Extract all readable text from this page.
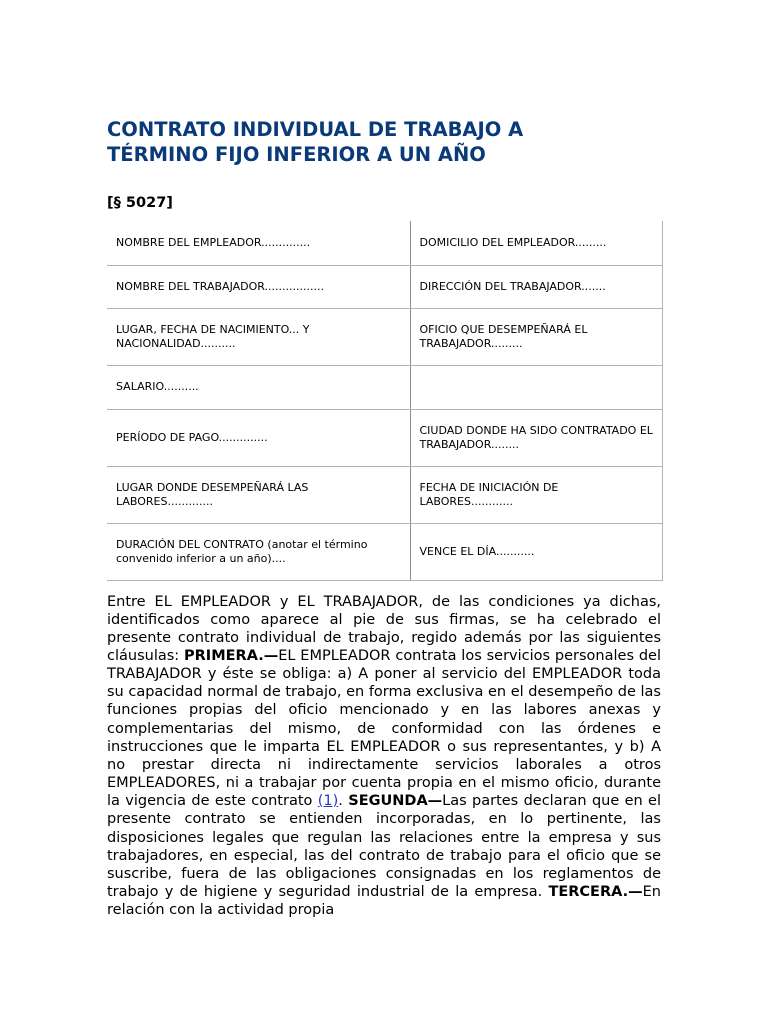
CONTRATO INDIVIDUAL DE TRABAJO A
TÉRMINO FIJO INFERIOR A UN AÑO

[§ 5027]

NOMBRE DEL EMPLEADOR..............	DOMICILIO DEL EMPLEADOR.........
NOMBRE DEL TRABAJADOR.................	DIRECCIÓN DEL TRABAJADOR.......
LUGAR, FECHA DE NACIMIENTO... Y NACIONALIDAD..........	OFICIO QUE DESEMPEÑARÁ EL TRABAJADOR.........
SALARIO..........	
PERÍODO DE PAGO..............	CIUDAD DONDE HA SIDO CONTRATADO EL TRABAJADOR........
LUGAR DONDE DESEMPEÑARÁ LAS LABORES.............	FECHA DE INICIACIÓN DE LABORES............
DURACIÓN DEL CONTRATO (anotar el término convenido inferior a un año)....	VENCE EL DÍA...........

Entre EL EMPLEADOR y EL TRABAJADOR, de las condiciones ya dichas, identificados como aparece al pie de sus firmas, se ha celebrado el presente contrato individual de trabajo, regido además por las siguientes cláusulas: PRIMERA.—EL EMPLEADOR contrata los servicios personales del TRABAJADOR y éste se obliga: a) A poner al servicio del EMPLEADOR toda su capacidad normal de trabajo, en forma exclusiva en el desempeño de las funciones propias del oficio mencionado y en las labores anexas y complementarias del mismo, de conformidad con las órdenes e instrucciones que le imparta EL EMPLEADOR o sus representantes, y b) A no prestar directa ni indirectamente servicios laborales a otros EMPLEADORES, ni a trabajar por cuenta propia en el mismo oficio, durante la vigencia de este contrato (1). SEGUNDA—Las partes declaran que en el presente contrato se entienden incorporadas, en lo pertinente, las disposiciones legales que regulan las relaciones entre la empresa y sus trabajadores, en especial, las del contrato de trabajo para el oficio que se suscribe, fuera de las obligaciones consignadas en los reglamentos de trabajo y de higiene y seguridad industrial de la empresa. TERCERA.—En relación con la actividad propia
